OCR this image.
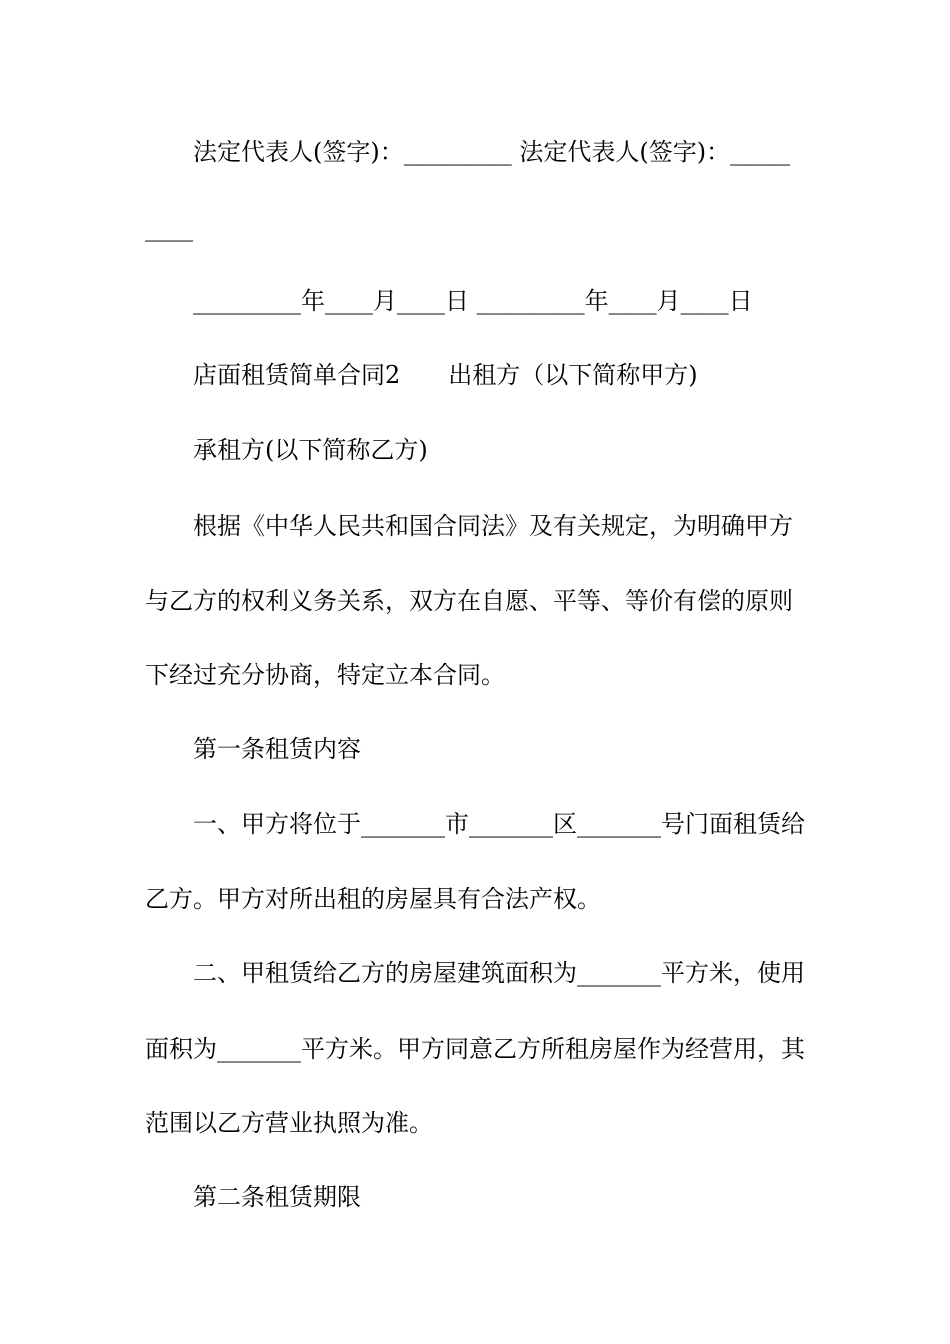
法定代表人(签字)：_________ 法定代表人(签字)：_____
____
_________年____月____日 _________年____月____日
店面租赁简单合同2　　出租方（以下简称甲方)
承租方(以下简称乙方)
根据《中华人民共和国合同法》及有关规定，为明确甲方
与乙方的权利义务关系，双方在自愿、平等、等价有偿的原则
下经过充分协商，特定立本合同。
第一条租赁内容
一、甲方将位于_______市_______区_______号门面租赁给
乙方。甲方对所出租的房屋具有合法产权。
二、甲租赁给乙方的房屋建筑面积为_______平方米，使用
面积为_______平方米。甲方同意乙方所租房屋作为经营用，其
范围以乙方营业执照为准。
第二条租赁期限
